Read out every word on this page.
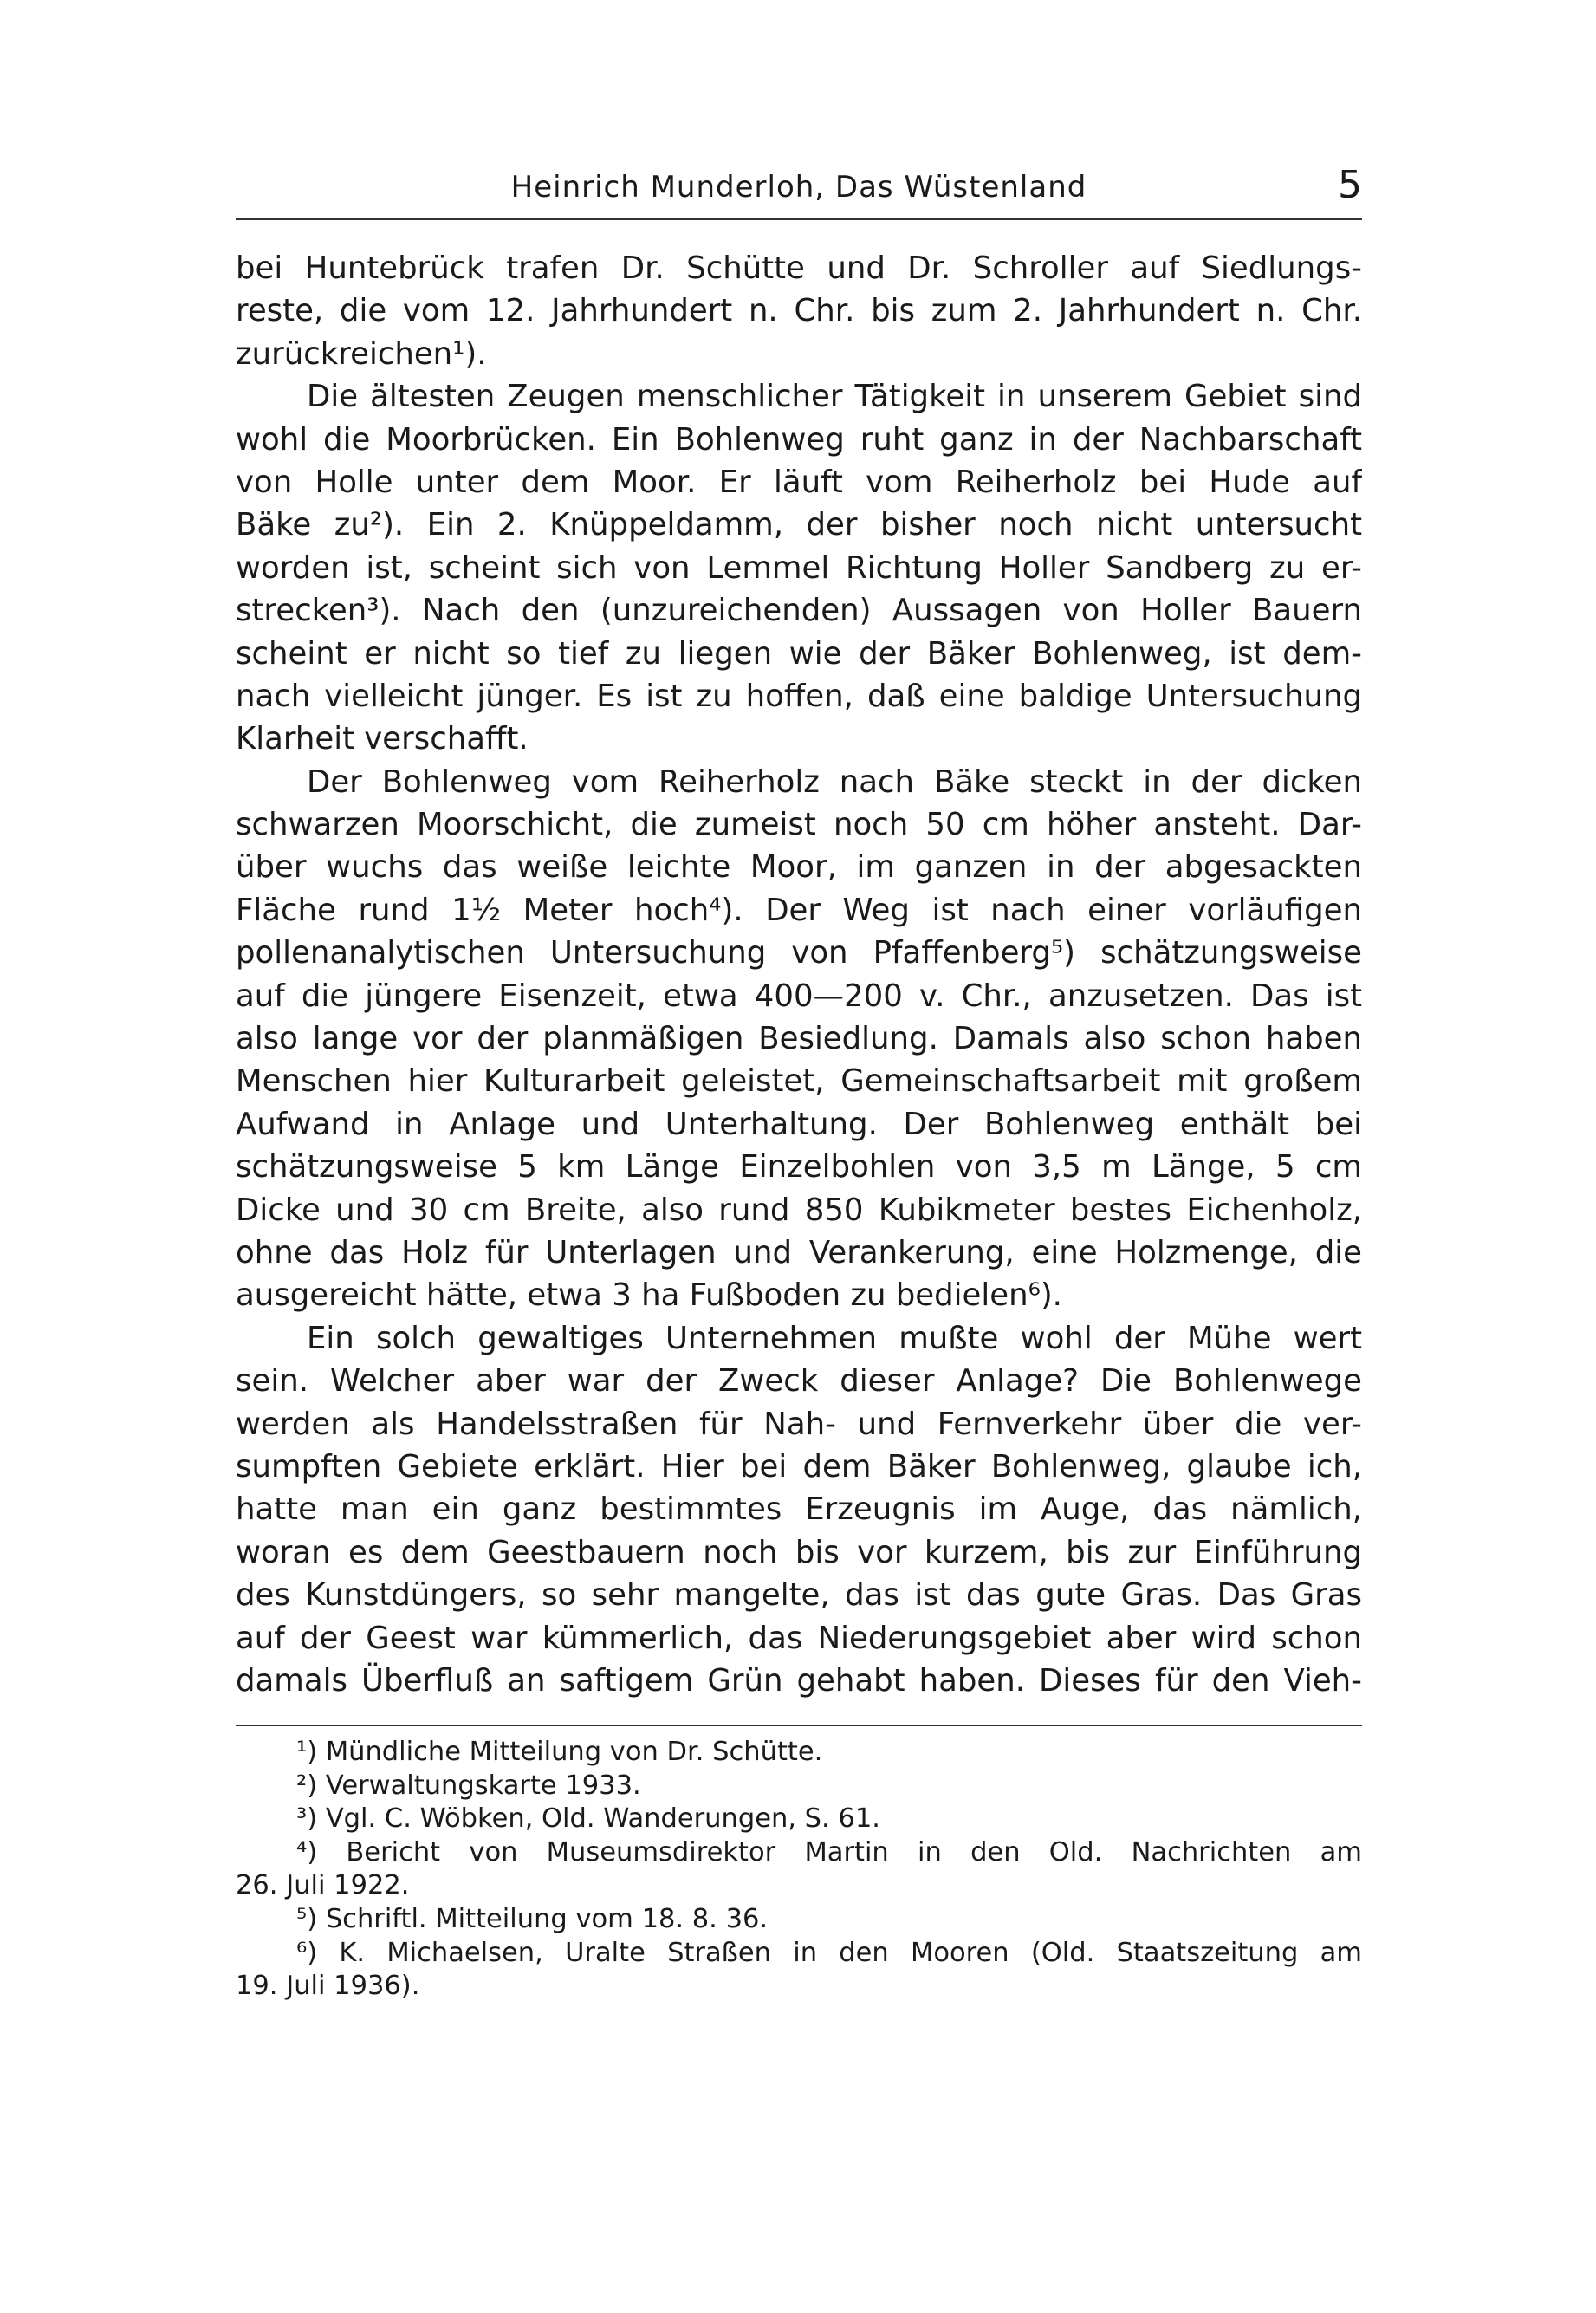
Heinrich Munderloh, Das Wüstenland	5
bei Huntebrück trafen Dr. Schütte und Dr. Schroller auf Siedlungs-
reste, die vom 12. Jahrhundert n. Chr. bis zum 2. Jahrhundert n. Chr.
zurückreichen¹).
Die ältesten Zeugen menschlicher Tätigkeit in unserem Gebiet sind
wohl die Moorbrücken. Ein Bohlenweg ruht ganz in der Nachbarschaft
von Holle unter dem Moor. Er läuft vom Reiherholz bei Hude auf
Bäke zu²). Ein 2. Knüppeldamm, der bisher noch nicht untersucht
worden ist, scheint sich von Lemmel Richtung Holler Sandberg zu er-
strecken³). Nach den (unzureichenden) Aussagen von Holler Bauern
scheint er nicht so tief zu liegen wie der Bäker Bohlenweg, ist dem-
nach vielleicht jünger. Es ist zu hoffen, daß eine baldige Untersuchung
Klarheit verschafft.
Der Bohlenweg vom Reiherholz nach Bäke steckt in der dicken
schwarzen Moorschicht, die zumeist noch 50 cm höher ansteht. Dar-
über wuchs das weiße leichte Moor, im ganzen in der abgesackten
Fläche rund 1½ Meter hoch⁴). Der Weg ist nach einer vorläufigen
pollenanalytischen Untersuchung von Pfaffenberg⁵) schätzungsweise
auf die jüngere Eisenzeit, etwa 400—200 v. Chr., anzusetzen. Das ist
also lange vor der planmäßigen Besiedlung. Damals also schon haben
Menschen hier Kulturarbeit geleistet, Gemeinschaftsarbeit mit großem
Aufwand in Anlage und Unterhaltung. Der Bohlenweg enthält bei
schätzungsweise 5 km Länge Einzelbohlen von 3,5 m Länge, 5 cm
Dicke und 30 cm Breite, also rund 850 Kubikmeter bestes Eichenholz,
ohne das Holz für Unterlagen und Verankerung, eine Holzmenge, die
ausgereicht hätte, etwa 3 ha Fußboden zu bedielen⁶).
Ein solch gewaltiges Unternehmen mußte wohl der Mühe wert
sein. Welcher aber war der Zweck dieser Anlage? Die Bohlenwege
werden als Handelsstraßen für Nah- und Fernverkehr über die ver-
sumpften Gebiete erklärt. Hier bei dem Bäker Bohlenweg, glaube ich,
hatte man ein ganz bestimmtes Erzeugnis im Auge, das nämlich,
woran es dem Geestbauern noch bis vor kurzem, bis zur Einführung
des Kunstdüngers, so sehr mangelte, das ist das gute Gras. Das Gras
auf der Geest war kümmerlich, das Niederungsgebiet aber wird schon
damals Überfluß an saftigem Grün gehabt haben. Dieses für den Vieh-
¹) Mündliche Mitteilung von Dr. Schütte.
²) Verwaltungskarte 1933.
³) Vgl. C. Wöbken, Old. Wanderungen, S. 61.
⁴) Bericht von Museumsdirektor Martin in den Old. Nachrichten am
26. Juli 1922.
⁵) Schriftl. Mitteilung vom 18. 8. 36.
⁶) K. Michaelsen, Uralte Straßen in den Mooren (Old. Staatszeitung am
19. Juli 1936).
